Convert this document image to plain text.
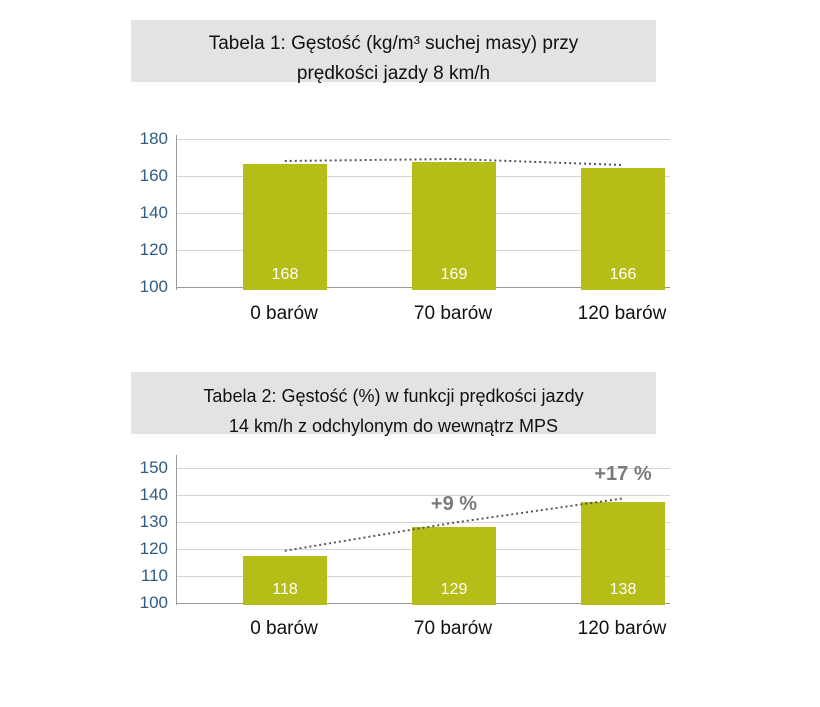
Tabela 1: Gęstość (kg/m³ suchej masy) przy
prędkości jazdy 8 km/h
180
160
140
120
100
168	169	166
0 barów	70 barów	120 barów
Tabela 2: Gęstość (%) w funkcji prędkości jazdy
14 km/h z odchylonym do wewnątrz MPS
150
140
130
120
110
100
118	129	138
+9 %
+17 %
0 barów	70 barów	120 barów
